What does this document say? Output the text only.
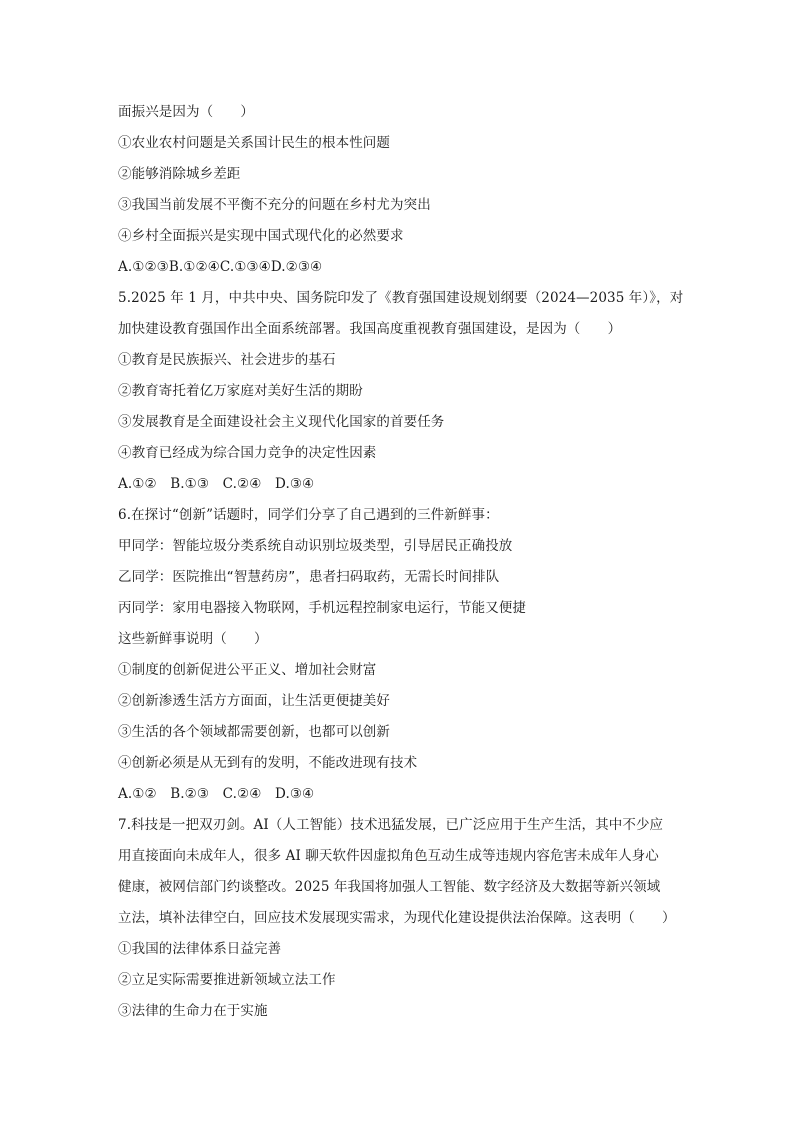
面振兴是因为（　　）
①农业农村问题是关系国计民生的根本性问题
②能够消除城乡差距
③我国当前发展不平衡不充分的问题在乡村尤为突出
④乡村全面振兴是实现中国式现代化的必然要求
A.①②③B.①②④C.①③④D.②③④
5.2025 年 1 月，中共中央、国务院印发了《教育强国建设规划纲要（2024—2035 年）》，对
加快建设教育强国作出全面系统部署。我国高度重视教育强国建设，是因为（　　）
①教育是民族振兴、社会进步的基石
②教育寄托着亿万家庭对美好生活的期盼
③发展教育是全面建设社会主义现代化国家的首要任务
④教育已经成为综合国力竞争的决定性因素
A.①②　B.①③　C.②④　D.③④
6.在探讨“创新”话题时，同学们分享了自己遇到的三件新鲜事：
甲同学：智能垃圾分类系统自动识别垃圾类型，引导居民正确投放
乙同学：医院推出“智慧药房”，患者扫码取药，无需长时间排队
丙同学：家用电器接入物联网，手机远程控制家电运行，节能又便捷
这些新鲜事说明（　　）
①制度的创新促进公平正义、增加社会财富
②创新渗透生活方方面面，让生活更便捷美好
③生活的各个领域都需要创新，也都可以创新
④创新必须是从无到有的发明，不能改进现有技术
A.①②　B.②③　C.②④　D.③④
7.科技是一把双刃剑。AI（人工智能）技术迅猛发展，已广泛应用于生产生活，其中不少应
用直接面向未成年人，很多 AI 聊天软件因虚拟角色互动生成等违规内容危害未成年人身心
健康，被网信部门约谈整改。2025 年我国将加强人工智能、数字经济及大数据等新兴领域
立法，填补法律空白，回应技术发展现实需求，为现代化建设提供法治保障。这表明（　　）
①我国的法律体系日益完善
②立足实际需要推进新领域立法工作
③法律的生命力在于实施
